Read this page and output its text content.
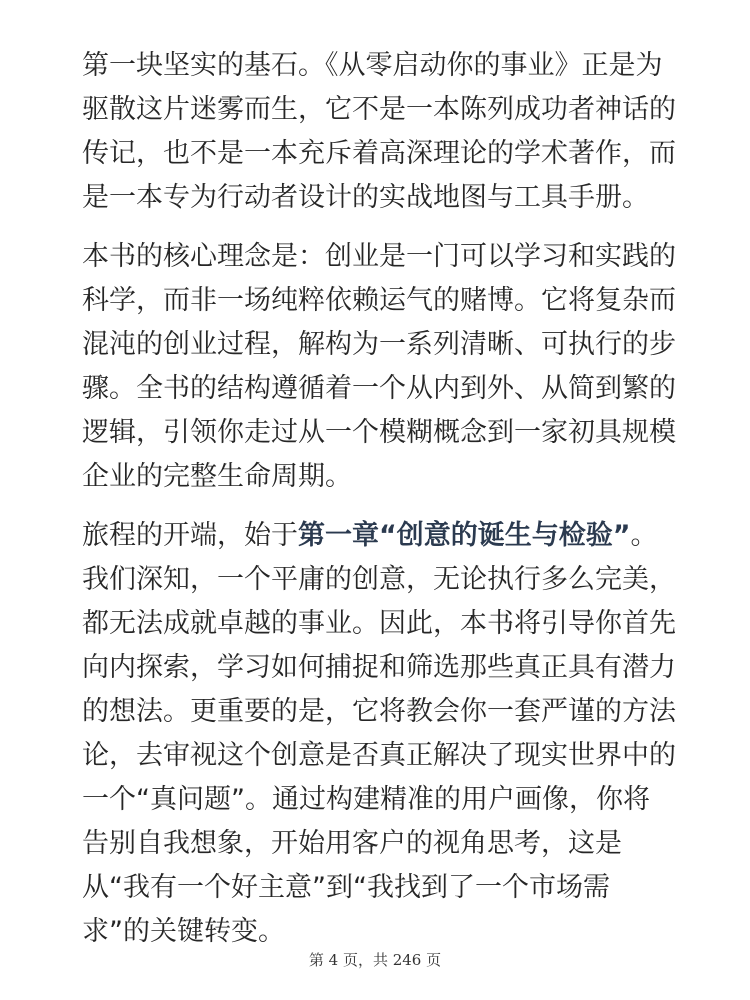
第一块坚实的基石。《从零启动你的事业》正是为
驱散这片迷雾而生，它不是一本陈列成功者神话的
传记，也不是一本充斥着高深理论的学术著作，而
是一本专为行动者设计的实战地图与工具手册。
本书的核心理念是：创业是一门可以学习和实践的
科学，而非一场纯粹依赖运气的赌博。它将复杂而
混沌的创业过程，解构为一系列清晰、可执行的步
骤。全书的结构遵循着一个从内到外、从简到繁的
逻辑，引领你走过从一个模糊概念到一家初具规模
企业的完整生命周期。
旅程的开端，始于第一章“创意的诞生与检验”。
我们深知，一个平庸的创意，无论执行多么完美，
都无法成就卓越的事业。因此，本书将引导你首先
向内探索，学习如何捕捉和筛选那些真正具有潜力
的想法。更重要的是，它将教会你一套严谨的方法
论，去审视这个创意是否真正解决了现实世界中的
一个“真问题”。通过构建精准的用户画像，你将
告别自我想象，开始用客户的视角思考，这是
从“我有一个好主意”到“我找到了一个市场需
求”的关键转变。
第 4 页，共 246 页
